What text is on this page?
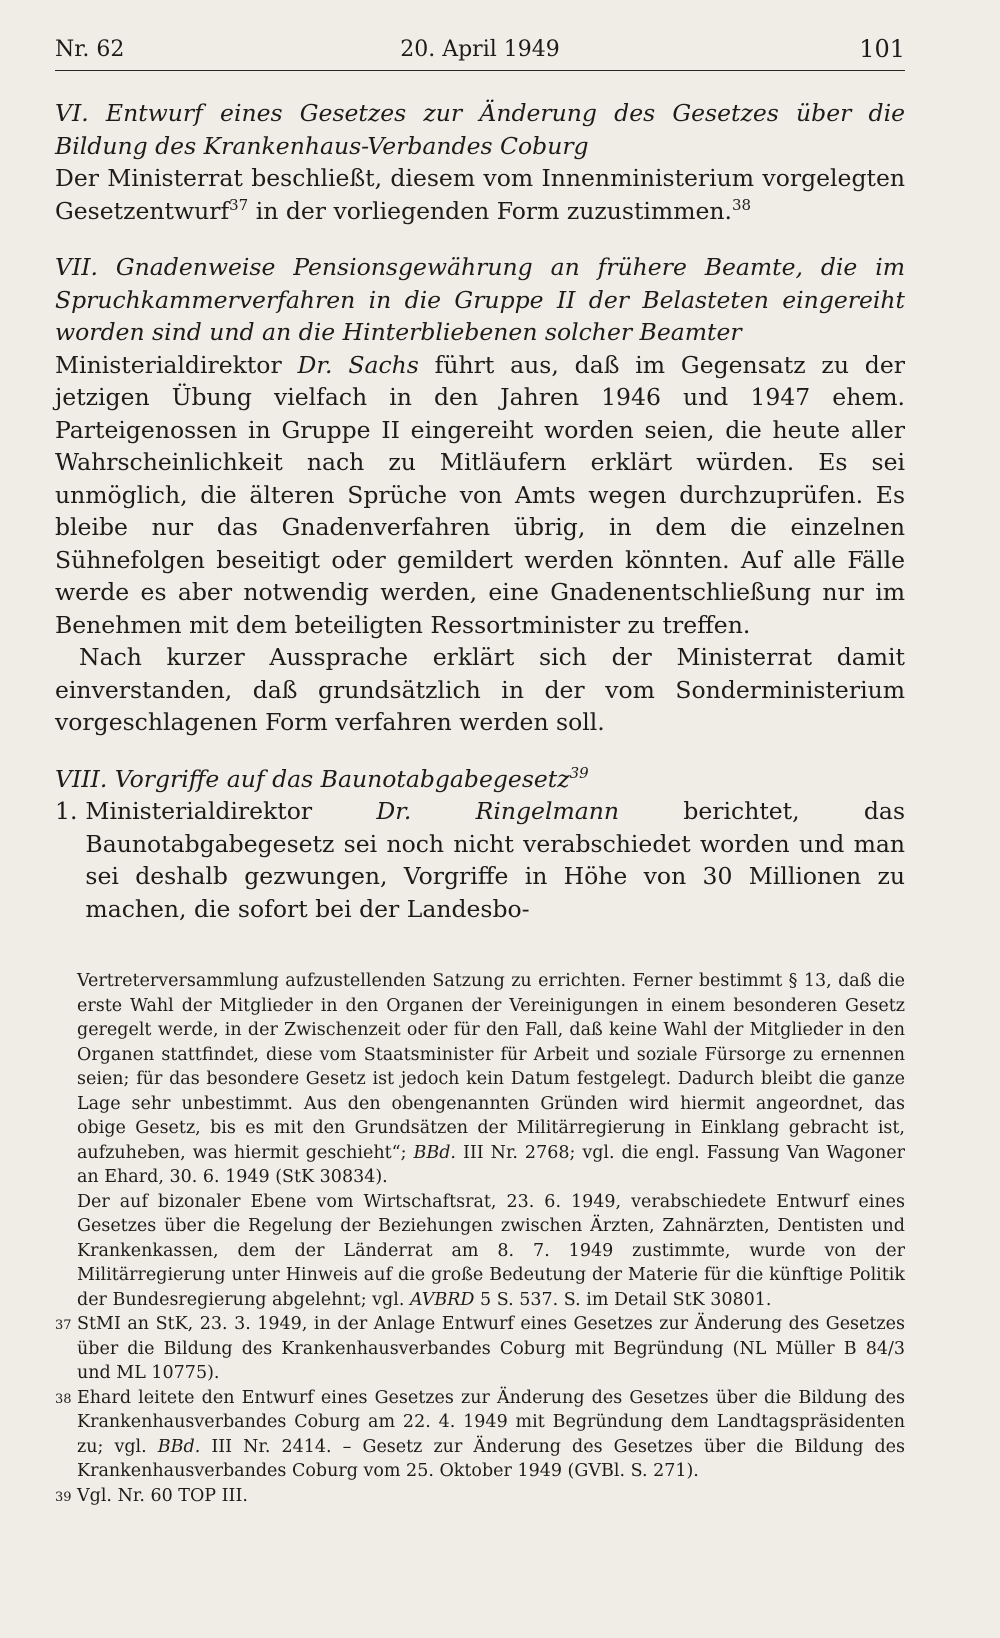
Nr. 62	20. April 1949	101

VI. Entwurf eines Gesetzes zur Änderung des Gesetzes über die Bildung des Krankenhaus-Verbandes Coburg

Der Ministerrat beschließt, diesem vom Innenministerium vorgelegten Gesetzentwurf$^{37}$ in der vorliegenden Form zuzustimmen.$^{38}$

VII. Gnadenweise Pensionsgewährung an frühere Beamte, die im Spruchkammerverfahren in die Gruppe II der Belasteten eingereiht worden sind und an die Hinterbliebenen solcher Beamter

Ministerialdirektor Dr. Sachs führt aus, daß im Gegensatz zu der jetzigen Übung vielfach in den Jahren 1946 und 1947 ehem. Parteigenossen in Gruppe II eingereiht worden seien, die heute aller Wahrscheinlichkeit nach zu Mitläufern erklärt würden. Es sei unmöglich, die älteren Sprüche von Amts wegen durchzuprüfen. Es bleibe nur das Gnadenverfahren übrig, in dem die einzelnen Sühnefolgen beseitigt oder gemildert werden könnten. Auf alle Fälle werde es aber notwendig werden, eine Gnadenentschließung nur im Benehmen mit dem beteiligten Ressortminister zu treffen.

Nach kurzer Aussprache erklärt sich der Ministerrat damit einverstanden, daß grundsätzlich in der vom Sonderministerium vorgeschlagenen Form verfahren werden soll.

VIII. Vorgriffe auf das Baunotabgabegesetz$^{39}$

1. Ministerialdirektor Dr. Ringelmann berichtet, das Baunotabgabegesetz sei noch nicht verabschiedet worden und man sei deshalb gezwungen, Vorgriffe in Höhe von 30 Millionen zu machen, die sofort bei der Landesbo-

Vertreterversammlung aufzustellenden Satzung zu errichten. Ferner bestimmt § 13, daß die erste Wahl der Mitglieder in den Organen der Vereinigungen in einem besonderen Gesetz geregelt werde, in der Zwischenzeit oder für den Fall, daß keine Wahl der Mitglieder in den Organen stattfindet, diese vom Staatsminister für Arbeit und soziale Fürsorge zu ernennen seien; für das besondere Gesetz ist jedoch kein Datum festgelegt. Dadurch bleibt die ganze Lage sehr unbestimmt. Aus den obengenannten Gründen wird hiermit angeordnet, das obige Gesetz, bis es mit den Grundsätzen der Militärregierung in Einklang gebracht ist, aufzuheben, was hiermit geschieht“; BBd. III Nr. 2768; vgl. die engl. Fassung Van Wagoner an Ehard, 30. 6. 1949 (StK 30834).

Der auf bizonaler Ebene vom Wirtschaftsrat, 23. 6. 1949, verabschiedete Entwurf eines Gesetzes über die Regelung der Beziehungen zwischen Ärzten, Zahnärzten, Dentisten und Krankenkassen, dem der Länderrat am 8. 7. 1949 zustimmte, wurde von der Militärregierung unter Hinweis auf die große Bedeutung der Materie für die künftige Politik der Bundesregierung abgelehnt; vgl. AVBRD 5 S. 537. S. im Detail StK 30801.

37 StMI an StK, 23. 3. 1949, in der Anlage Entwurf eines Gesetzes zur Änderung des Gesetzes über die Bildung des Krankenhausverbandes Coburg mit Begründung (NL Müller B 84/3 und ML 10775).
38 Ehard leitete den Entwurf eines Gesetzes zur Änderung des Gesetzes über die Bildung des Krankenhausverbandes Coburg am 22. 4. 1949 mit Begründung dem Landtagspräsidenten zu; vgl. BBd. III Nr. 2414. – Gesetz zur Änderung des Gesetzes über die Bildung des Krankenhausverbandes Coburg vom 25. Oktober 1949 (GVBl. S. 271).
39 Vgl. Nr. 60 TOP III.
